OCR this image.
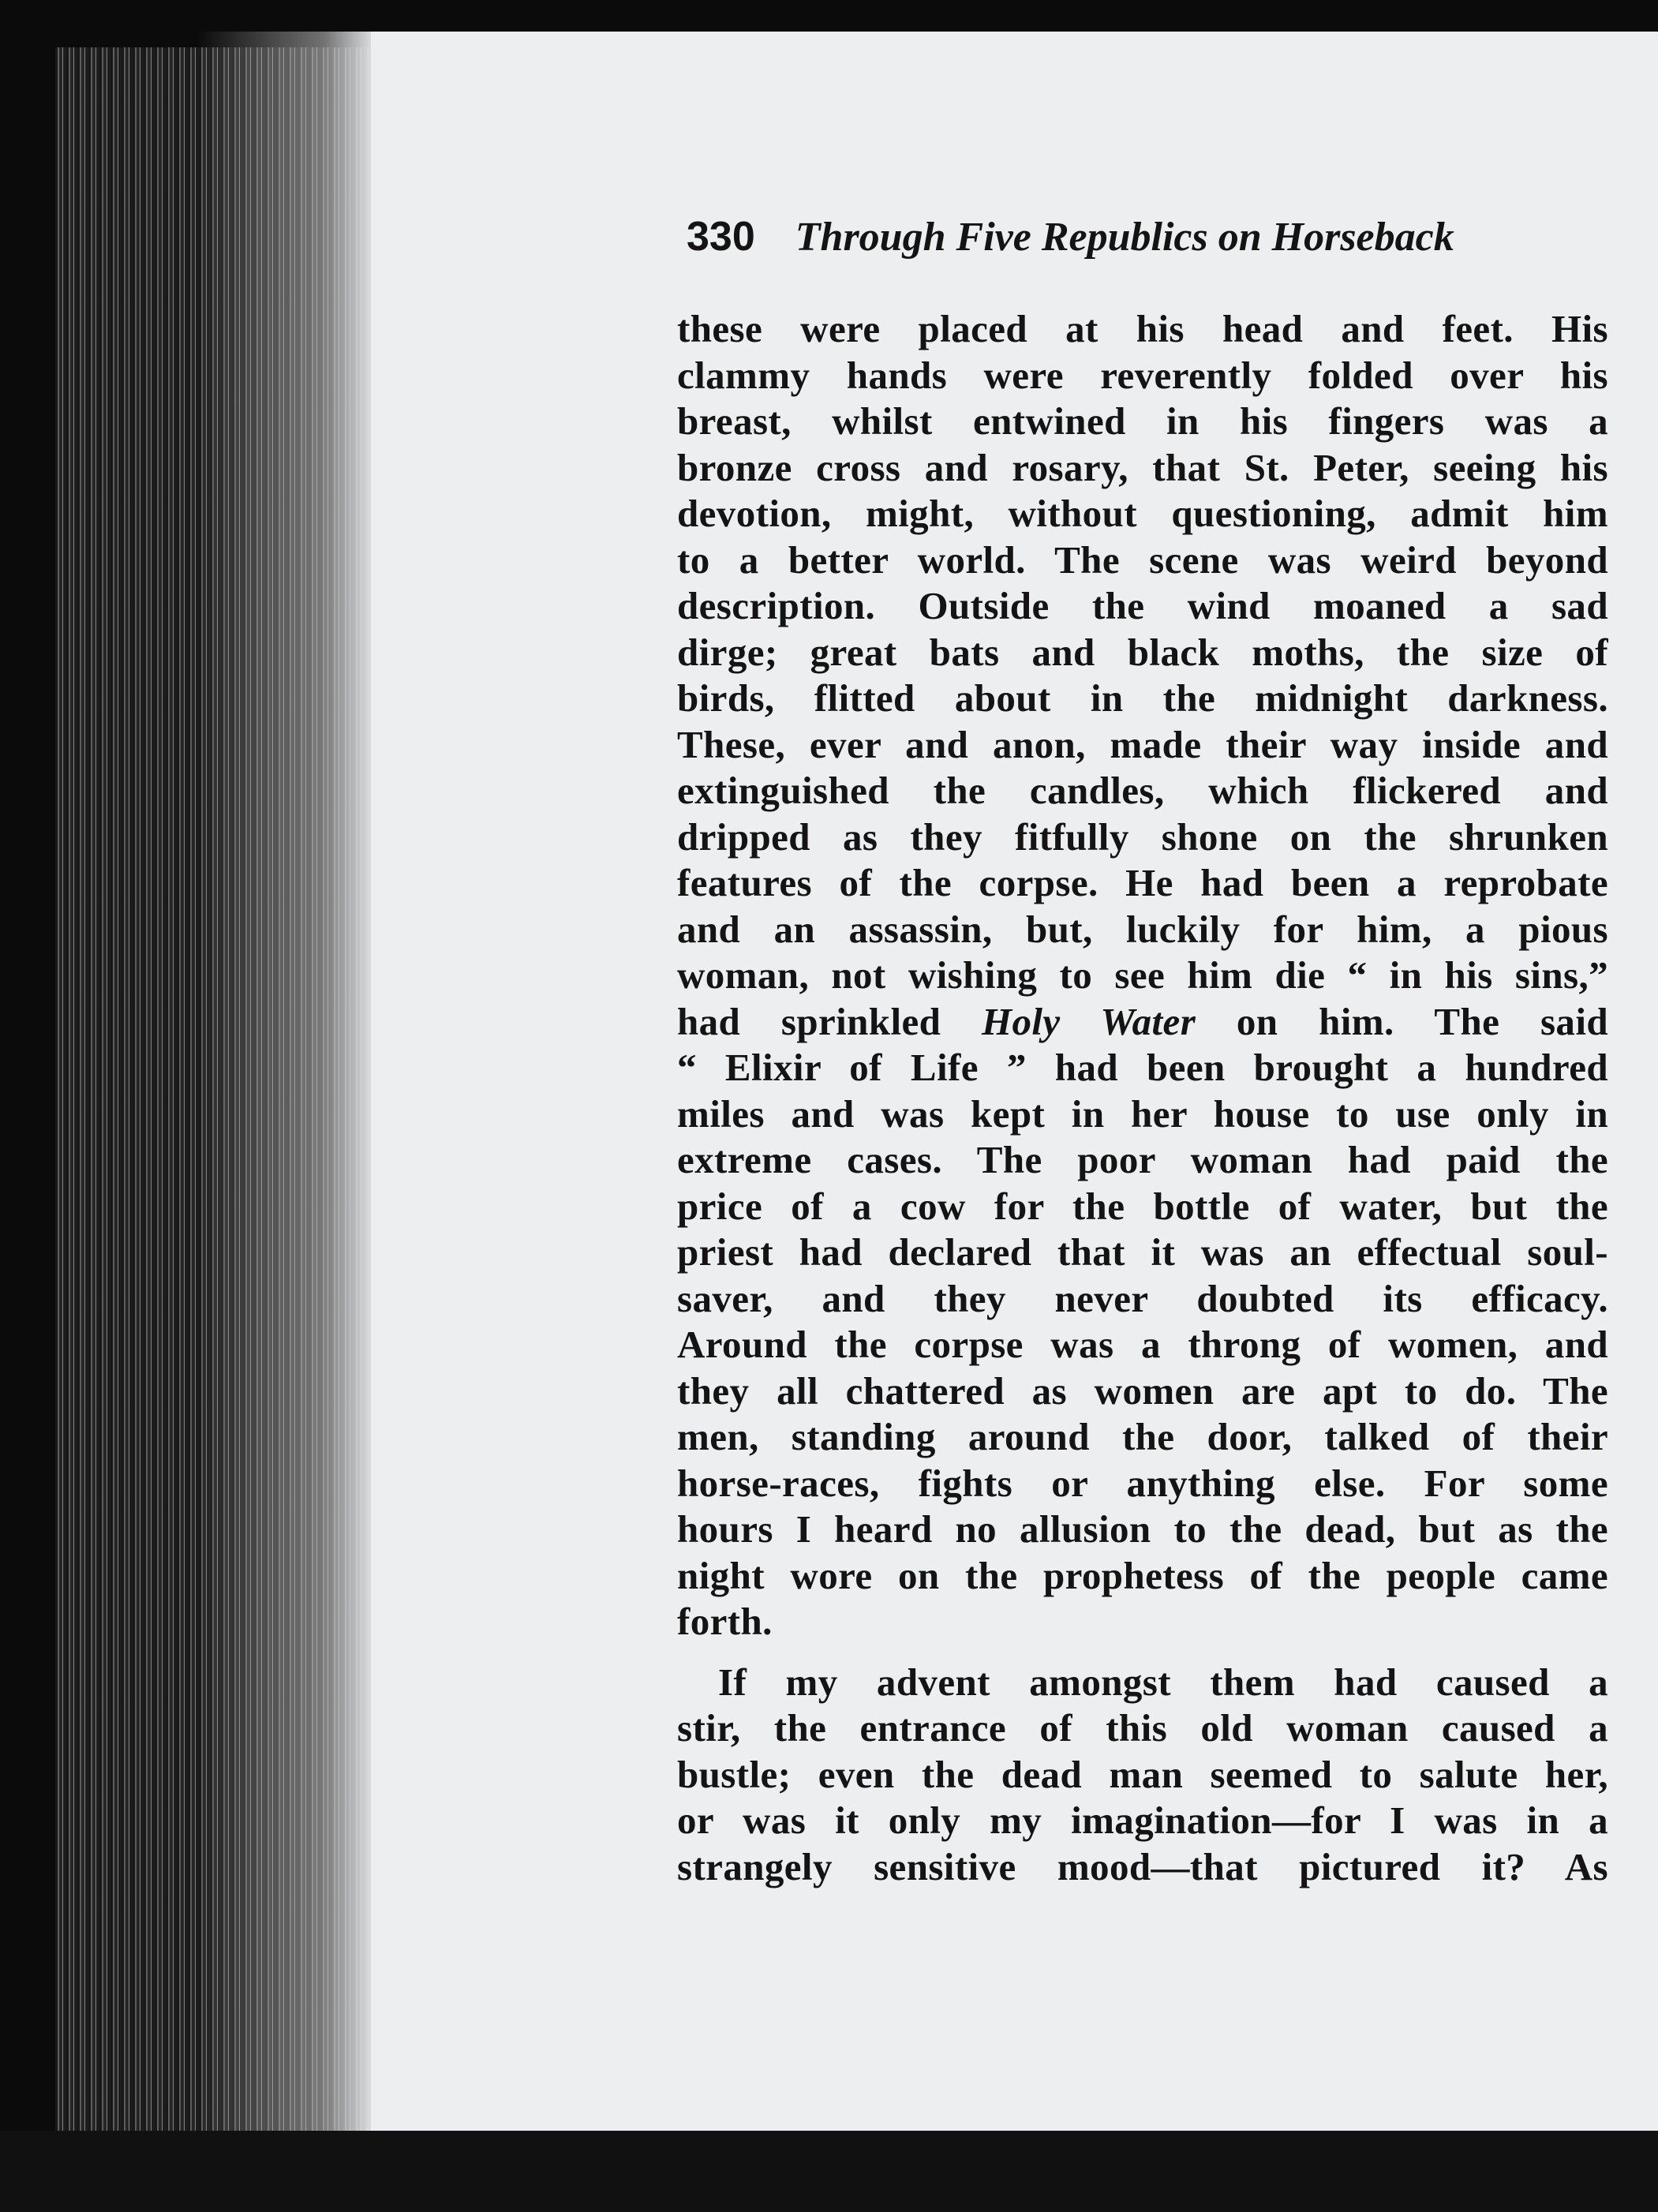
330 Through Five Republics on Horseback
these were placed at his head and feet. His
clammy hands were reverently folded over his
breast, whilst entwined in his fingers was a
bronze cross and rosary, that St. Peter, seeing his
devotion, might, without questioning, admit him
to a better world. The scene was weird beyond
description. Outside the wind moaned a sad
dirge; great bats and black moths, the size of
birds, flitted about in the midnight darkness.
These, ever and anon, made their way inside and
extinguished the candles, which flickered and
dripped as they fitfully shone on the shrunken
features of the corpse. He had been a reprobate
and an assassin, but, luckily for him, a pious
woman, not wishing to see him die “ in his sins,”
had sprinkled Holy Water on him. The said
“ Elixir of Life ” had been brought a hundred
miles and was kept in her house to use only in
extreme cases. The poor woman had paid the
price of a cow for the bottle of water, but the
priest had declared that it was an effectual soul-
saver, and they never doubted its efficacy.
Around the corpse was a throng of women, and
they all chattered as women are apt to do. The
men, standing around the door, talked of their
horse-races, fights or anything else. For some
hours I heard no allusion to the dead, but as the
night wore on the prophetess of the people came
forth.
If my advent amongst them had caused a
stir, the entrance of this old woman caused a
bustle; even the dead man seemed to salute her,
or was it only my imagination—for I was in a
strangely sensitive mood—that pictured it? As
